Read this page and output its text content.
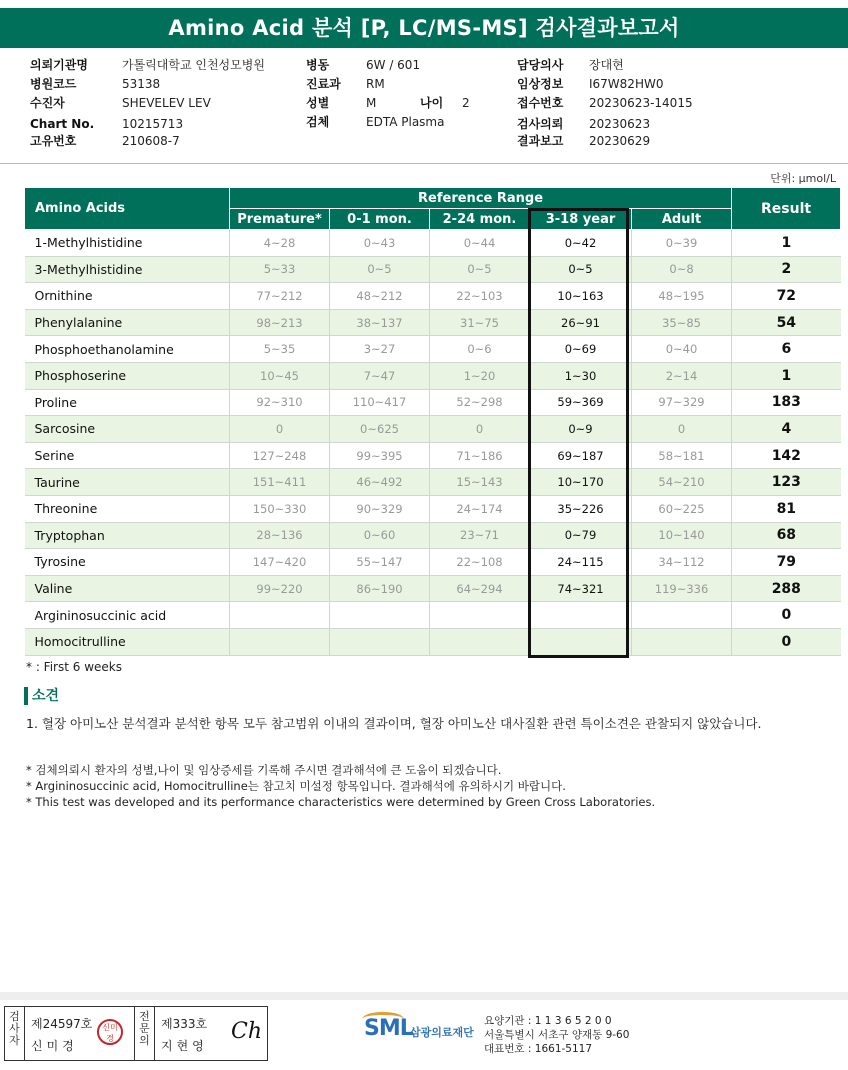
Amino Acid 분석 [P, LC/MS-MS] 검사결과보고서
의뢰기관명	가톨릭대학교 인천성모병원
병원코드	53138
수진자	SHEVELEV LEV
Chart No. 10215713
고유번호	210608-7
병동	6W / 601
진료과 RM
성별	M	나이 2
검체	EDTA Plasma
담당의사 장대현
임상정보 I67W82HW0
접수번호 20230623-14015
검사의뢰 20230623
결과보고 20230629
단위: μmol/L
Amino Acids	Reference Range					Result
	Premature*	0-1 mon.	2-24 mon.	3-18 year	Adult	
1-Methylhistidine	4~28	0~43	0~44	0~42	0~39	1
3-Methylhistidine	5~33	0~5	0~5	0~5	0~8	2
Ornithine	77~212	48~212	22~103	10~163	48~195	72
Phenylalanine	98~213	38~137	31~75	26~91	35~85	54
Phosphoethanolamine	5~35	3~27	0~6	0~69	0~40	6
Phosphoserine	10~45	7~47	1~20	1~30	2~14	1
Proline	92~310	110~417	52~298	59~369	97~329	183
Sarcosine	0	0~625	0	0~9	0	4
Serine	127~248	99~395	71~186	69~187	58~181	142
Taurine	151~411	46~492	15~143	10~170	54~210	123
Threonine	150~330	90~329	24~174	35~226	60~225	81
Tryptophan	28~136	0~60	23~71	0~79	10~140	68
Tyrosine	147~420	55~147	22~108	24~115	34~112	79
Valine	99~220	86~190	64~294	74~321	119~336	288
Argininosuccinic acid						0
Homocitrulline						0
* : First 6 weeks
소견
1. 혈장 아미노산 분석결과 분석한 항목 모두 참고범위 이내의 결과이며, 혈장 아미노산 대사질환 관련 특이소견은 관찰되지 않았습니다.
* 검체의뢰시 환자의 성별,나이 및 임상증세를 기록해 주시면 결과해석에 큰 도움이 되겠습니다.
* Argininosuccinic acid, Homocitrulline는 참고치 미설정 항목입니다. 결과해석에 유의하시기 바랍니다.
* This test was developed and its performance characteristics were determined by Green Cross Laboratories.
검사자
제24597호
신미경
신미경
전문의
제333호
지현영
Ch	SML
삼광의료재단
요양기관 : 1 1 3 6 5 2 0 0
서울특별시 서초구 양재동 9-60
대표번호 : 1661-5117
